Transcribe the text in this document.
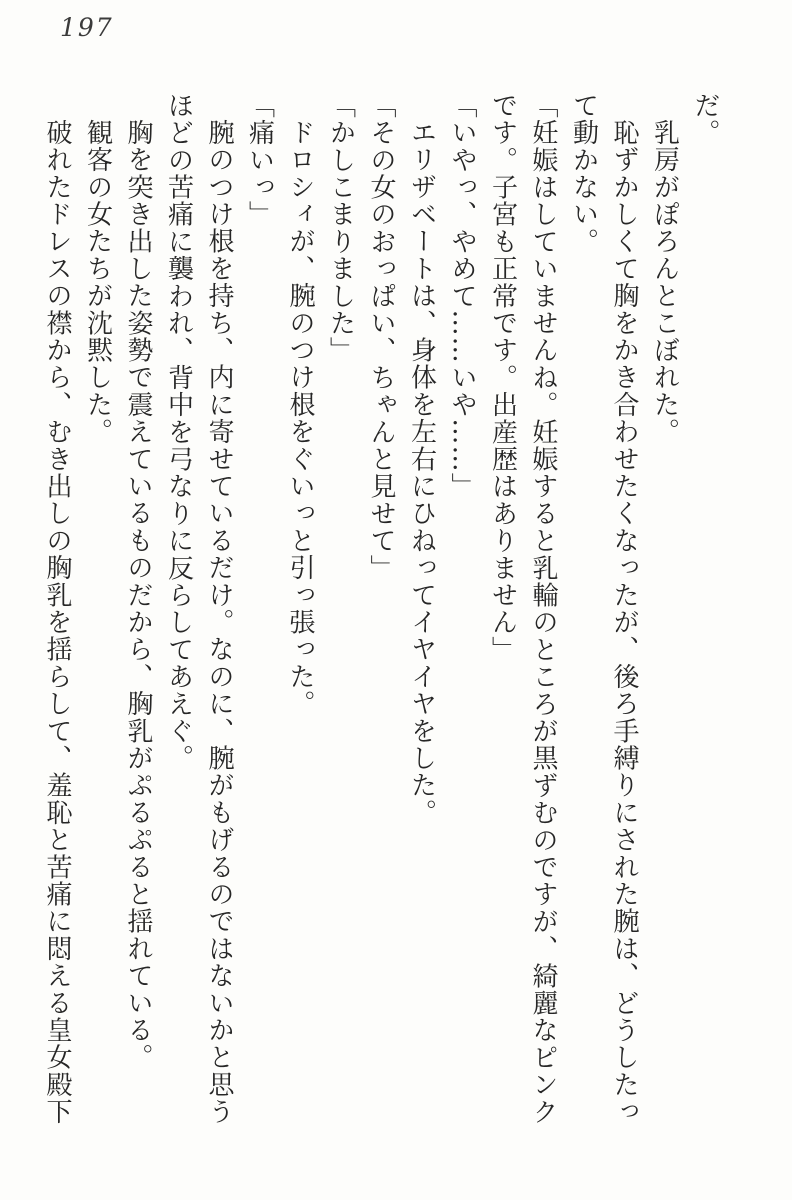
197
だ。
乳房がぽろんとこぼれた。
恥ずかしくて胸をかき合わせたくなったが、後ろ手縛りにされた腕は、どうしたっ
て動かない。
「妊娠はしていませんね。妊娠すると乳輪のところが黒ずむのですが、綺麗なピンク
です。子宮も正常です。出産歴はありません」
「いやっ、やめて……いや……」
エリザベートは、身体を左右にひねってイヤイヤをした。
「その女のおっぱい、ちゃんと見せて」
「かしこまりました」
ドロシィが、腕のつけ根をぐいっと引っ張った。
「痛いっ」
腕のつけ根を持ち、内に寄せているだけ。なのに、腕がもげるのではないかと思う
ほどの苦痛に襲われ、背中を弓なりに反らしてあえぐ。
胸を突き出した姿勢で震えているものだから、胸乳がぷるぷると揺れている。
観客の女たちが沈黙した。
破れたドレスの襟から、むき出しの胸乳を揺らして、羞恥と苦痛に悶える皇女殿下
